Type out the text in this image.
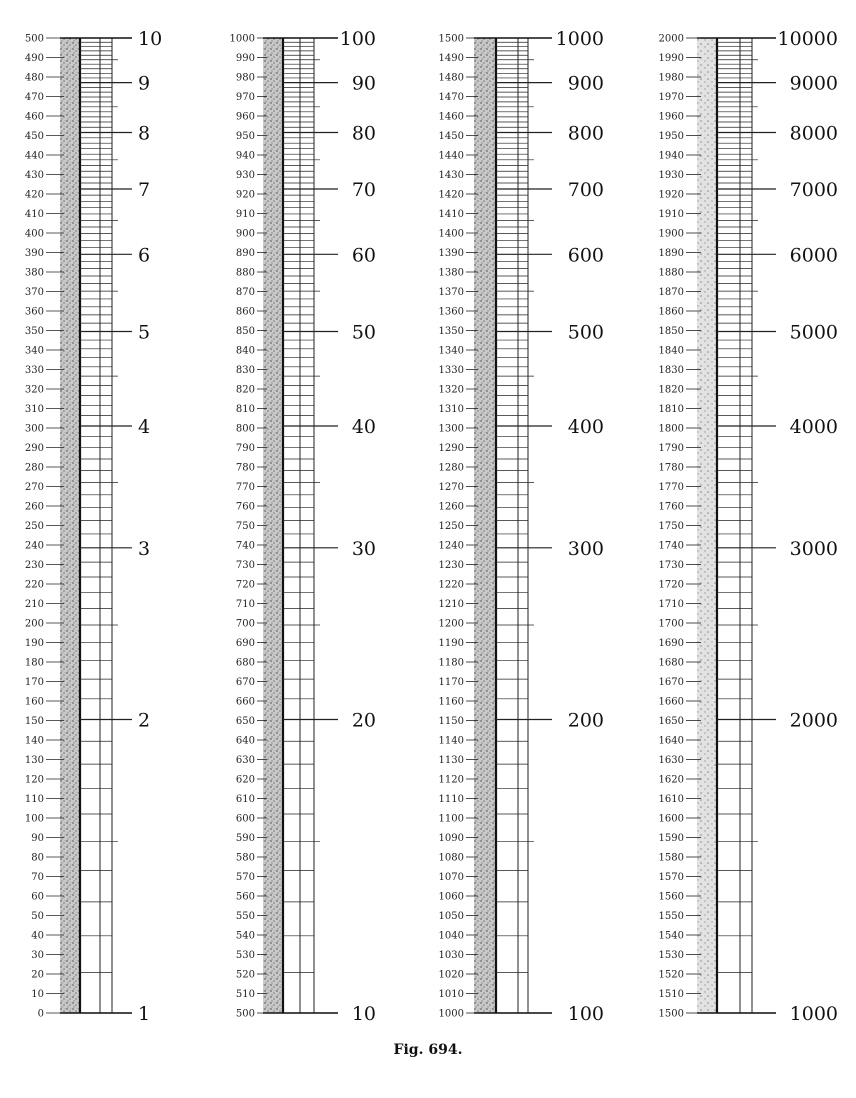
0
10
20
30
40
50
60
70
80
90
100
110
120
130
140
150
160
170
180
190
200
210
220
230
240
250
260
270
280
290
300
310
320
330
340
350
360
370
380
390
400
410
420
430
440
450
460
470
480
490
500
1
2
3
4
5
6
7
8
9
10
500
510
520
530
540
550
560
570
580
590
600
610
620
630
640
650
660
670
680
690
700
710
720
730
740
750
760
770
780
790
800
810
820
830
840
850
860
870
880
890
900
910
920
930
940
950
960
970
980
990
1000
10
20
30
40
50
60
70
80
90
100
1000
1010
1020
1030
1040
1050
1060
1070
1080
1090
1100
1110
1120
1130
1140
1150
1160
1170
1180
1190
1200
1210
1220
1230
1240
1250
1260
1270
1280
1290
1300
1310
1320
1330
1340
1350
1360
1370
1380
1390
1400
1410
1420
1430
1440
1450
1460
1470
1480
1490
1500
100
200
300
400
500
600
700
800
900
1000
1500
1510
1520
1530
1540
1550
1560
1570
1580
1590
1600
1610
1620
1630
1640
1650
1660
1670
1680
1690
1700
1710
1720
1730
1740
1750
1760
1770
1780
1790
1800
1810
1820
1830
1840
1850
1860
1870
1880
1890
1900
1910
1920
1930
1940
1950
1960
1970
1980
1990
2000
1000
2000
3000
4000
5000
6000
7000
8000
9000
10000
Fig. 694.
